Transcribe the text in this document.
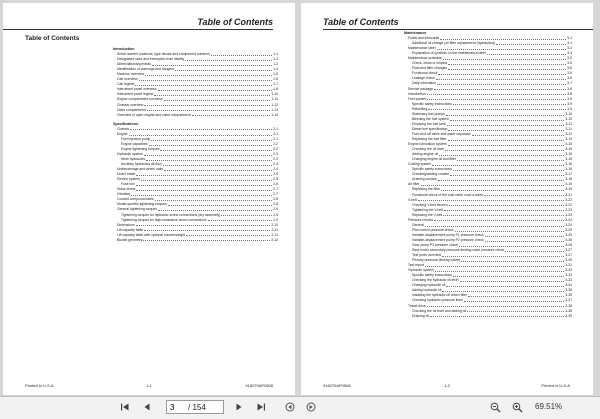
Table of Contents
Table of Contents
Introduction
Serial number locations, type decals and component numbers	1-1
Designated uses and exemption from liability	1-2
Abbreviations/symbols	1-3
Identification of warnings and dangers	1-4
Machine overview	1-5
Cab overview	1-6
Cab legend	1-7
Instrument panel overview	1-8
Instrument panel legend	1-10
Engine compartment overview	1-11
Chassis overview	1-12
Valve compartment	1-13
Overview of open engine and valve compartment	1-14
Specifications
Chassis	2-1
Engine	2-1
Fuel injection pump	2-1
Engine capacities	2-2
Engine tightening torques	2-2
Hydraulic system	2-3
Work hydraulics	2-3
Auxiliary hydraulics all-flow	2-3
Undercarriage and wheel units	2-4
Dozer blade	2-5
Electric system	2-5
Fuse box	2-6
Noise levels	2-7
Vibration	2-7
Coolant compound table	2-8
Model-specific tightening torques	2-8
General tightening torques	2-9
Tightening torques for hydraulic screw connections (dry assembly)	2-9
Tightening torques for high-resistance screw connections	2-9
Dimensions	2-10
Lift capacity table	2-11
Lift capacity table with optional counterweight	2-11
Bucket geometry	2-12
Printed in U.S.A.	1-1	918279AP0508
Table of Contents
Maintenance
Fluids and lubricants	3-1
Additional oil change (oil filter replacement (hydraulics))	3-1
Maintenance label	3-3
Explanation of symbols on the maintenance label	3-3
Maintenance schedule	3-5
Check, clean or inspect	3-5
Fluid and filter changes	3-6
Functional check	3-6
Leakage check	3-6
Daily lubrication	3-7
Service package	3-8
Introduction	3-8
Fuel system	3-9
Specific safety instructions	3-9
Refuelling	3-9
Stationary fuel pumps	3-10
Bleeding the fuel system	3-10
Emptying the fuel tank	3-11
Diesel fuel specification	3-11
Fuel shut-off valve and water separator	3-12
Replacing the fuel filter	3-13
Engine lubrication system	3-15
Checking the oil level	3-15
Adding engine oil	3-15
Changing engine oil and filter	3-16
Cooling system	3-16
Specific safety instructions	3-16
Checking/adding coolant	3-17
Draining coolant	3-18
Air filter	3-19
Replacing the filter	3-19
Functional check of the dust valve once a week	3-21
V-belt	3-22
Checking V-belt tension	3-22
Tightening the V-belt	3-23
Replacing the V-belt	3-23
Pressure checks	3-24
General	3-24
Pilot control pressure check	3-25
Variable-displacement pump P1 pressure check	3-25
Variable-displacement pump P2 pressure check	3-26
Gear pump P3 pressure check	3-26
Slew motor secondary pressure-limiting valve pressure check	3-27
Test ports overview	3-27
Primary pressure-limiting valves	3-29
Test report	3-31
Hydraulic system	3-33
Specific safety instructions	3-33
Checking the hydraulic oil level	3-33
Changing hydraulic oil	3-34
Adding hydraulic oil	3-35
Installing the hydraulic oil return filter	3-35
Checking hydraulic pressure lines	3-37
Travel drive	3-38
Checking the oil level and adding oil	3-38
Draining oil	3-39
918279AP0508	1-2	Printed in U.S.A.
3
/ 154	69.51%
